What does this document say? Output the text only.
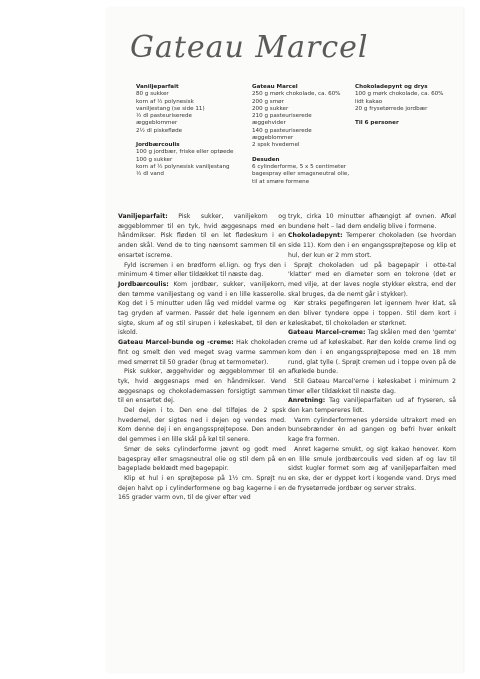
Gateau Marcel
Vaniljeparfait
80 g sukker
korn af ½ polynesisk
vaniljestang (se side 11)
½ dl pasteuriserede
æggeblommer
2½ dl piskefløde
Jordbærcoulis
100 g jordbær, friske eller optøede
100 g sukker
korn af ½ polynesisk vaniljestang
½ dl vand
Gateau Marcel
250 g mørk chokolade, ca. 60%
200 g smør
200 g sukker
210 g pasteuriserede
æggehvider
140 g pasteuriserede
æggeblommer
2 spsk hvedemel
Desuden
6 cylinderforme, 5 x 5 centimeter
bagespray eller smagsneutral olie,
til at smøre formene
Chokoladepynt og drys
100 g mørk chokolade, ca. 60%
lidt kakao
20 g frysetørrede jordbær
Til 6 personer

Vaniljeparfait: Pisk sukker, vaniljekorn og æggeblommer til en tyk, hvid æggesnaps med en håndmikser. Pisk fløden til en let flødeskum i en anden skål. Vend de to ting nænsomt sammen til en ensartet iscreme.

Fyld iscremen i en brødform el.lign. og frys den i minimum 4 timer eller tildækket til næste dag.

Jordbærcoulis: Kom jordbær, sukker, vaniljekorn, den tømme vaniljestang og vand i en lille kasserolle. Kog det i 5 minutter uden låg ved middel varme og tag gryden af varmen. Passér det hele igennem en sigte, skum af og stil sirupen i køleskabet, til den er iskold.

Gateau Marcel-bunde og -creme: Hak chokoladen fint og smelt den ved meget svag varme sammen med smørret til 50 grader (brug et termometer).

Pisk sukker, æggehvider og æggeblommer til en tyk, hvid æggesnaps med en håndmikser. Vend æggesnaps og chokolademassen forsigtigt sammen til en ensartet dej.

Del dejen i to. Den ene del tilføjes de 2 spsk hvedemel, der sigtes ned i dejen og vendes med. Kom denne dej i en engangssprøjtepose. Den anden del gemmes i en lille skål på køl til senere.

Smør de seks cylinderforme jævnt og godt med bagespray eller smagsneutral olie og stil dem på en bageplade beklædt med bagepapir.

Klip et hul i en sprøjtepose på 1½ cm. Sprøjt nu dejen halvt op i cylinderformene og bag kagerne i en 165 grader varm ovn, til de giver efter ved

tryk, cirka 10 minutter afhængigt af ovnen. Afkøl bundene helt – lad dem endelig blive i formene.

Chokoladepynt: Temperer chokoladen (se hvordan side 11). Kom den i en engangssprøjtepose og klip et hul, der kun er 2 mm stort.

Sprøjt chokoladen ud på bagepapir i otte-tal 'klatter' med en diameter som en tokrone (det er med vilje, at der laves nogle stykker ekstra, end der skal bruges, da de nemt går i stykker).

Kør straks pegefingeren let igennem hver klat, så den bliver tyndere oppe i toppen. Stil dem kort i køleskabet, til chokoladen er størknet.

Gateau Marcel-creme: Tag skålen med den 'gemte' creme ud af køleskabet. Rør den kolde creme lind og kom den i en engangssprøjtepose med en 18 mm rund, glat tylle (. Sprøjt cremen ud i toppe oven på de afkølede bunde.

Stil Gateau Marcel'erne i køleskabet i minimum 2 timer eller tildækket til næste dag.

Anretning: Tag vaniljeparfaiten ud af fryseren, så den kan tempereres lidt.

Varm cylinderformenes yderside ultrakort med en bunsebrænder én ad gangen og befri hver enkelt kage fra formen.

Anret kagerne smukt, og sigt kakao henover. Kom en lille smule jordbærcoulis ved siden af og lav til sidst kugler formet som æg af vaniljeparfaiten med en ske, der er dyppet kort i kogende vand. Drys med de frysetørrede jordbær og server straks.
